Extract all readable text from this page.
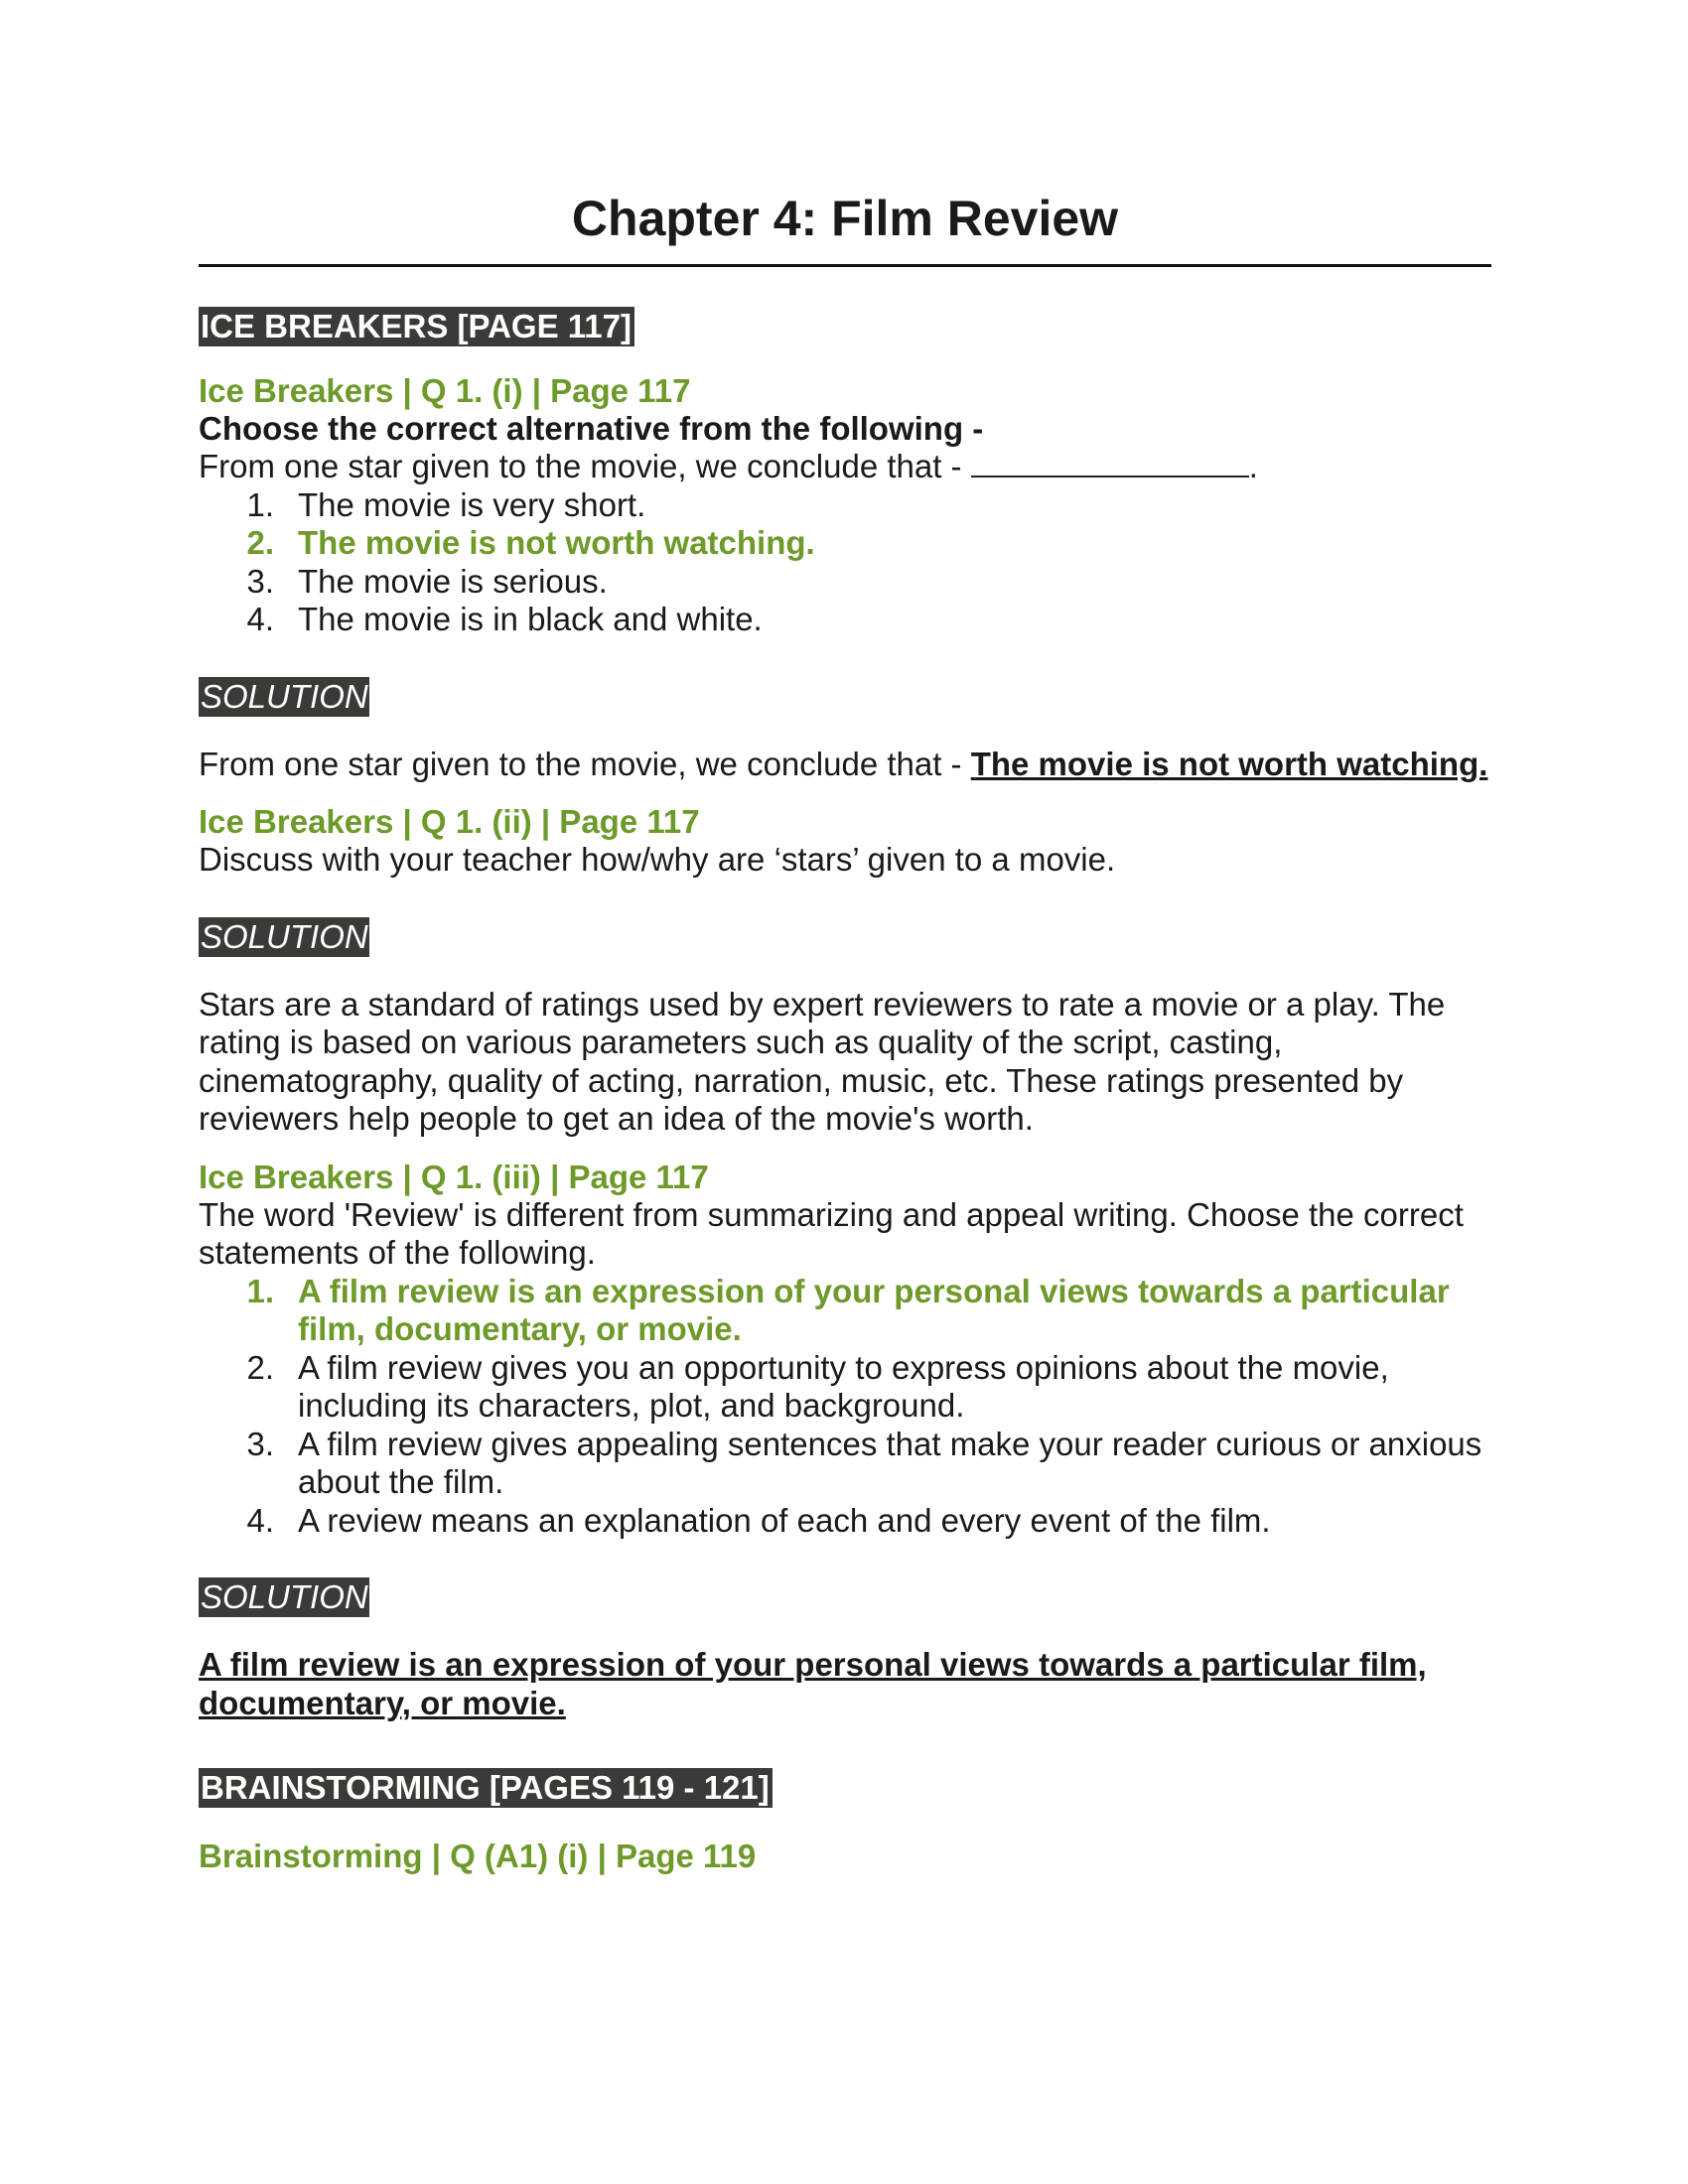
Chapter 4: Film Review
ICE BREAKERS [PAGE 117]

Ice Breakers | Q 1. (i) | Page 117

Choose the correct alternative from the following -

From one star given to the movie, we conclude that -	.

1. The movie is very short.
2. The movie is not worth watching.
3. The movie is serious.
4. The movie is in black and white.
SOLUTION

From one star given to the movie, we conclude that - The movie is not worth watching.

Ice Breakers | Q 1. (ii) | Page 117

Discuss with your teacher how/why are ‘stars’ given to a movie.

SOLUTION

Stars are a standard of ratings used by expert reviewers to rate a movie or a play. The rating is based on various parameters such as quality of the script, casting, cinematography, quality of acting, narration, music, etc. These ratings presented by reviewers help people to get an idea of the movie's worth.

Ice Breakers | Q 1. (iii) | Page 117

The word 'Review' is different from summarizing and appeal writing. Choose the correct statements of the following.

1. A film review is an expression of your personal views towards a particular film, documentary, or movie.
2. A film review gives you an opportunity to express opinions about the movie, including its characters, plot, and background.
3. A film review gives appealing sentences that make your reader curious or anxious about the film.
4. A review means an explanation of each and every event of the film.
SOLUTION

A film review is an expression of your personal views towards a particular film, documentary, or movie.

BRAINSTORMING [PAGES 119 - 121]

Brainstorming | Q (A1) (i) | Page 119
